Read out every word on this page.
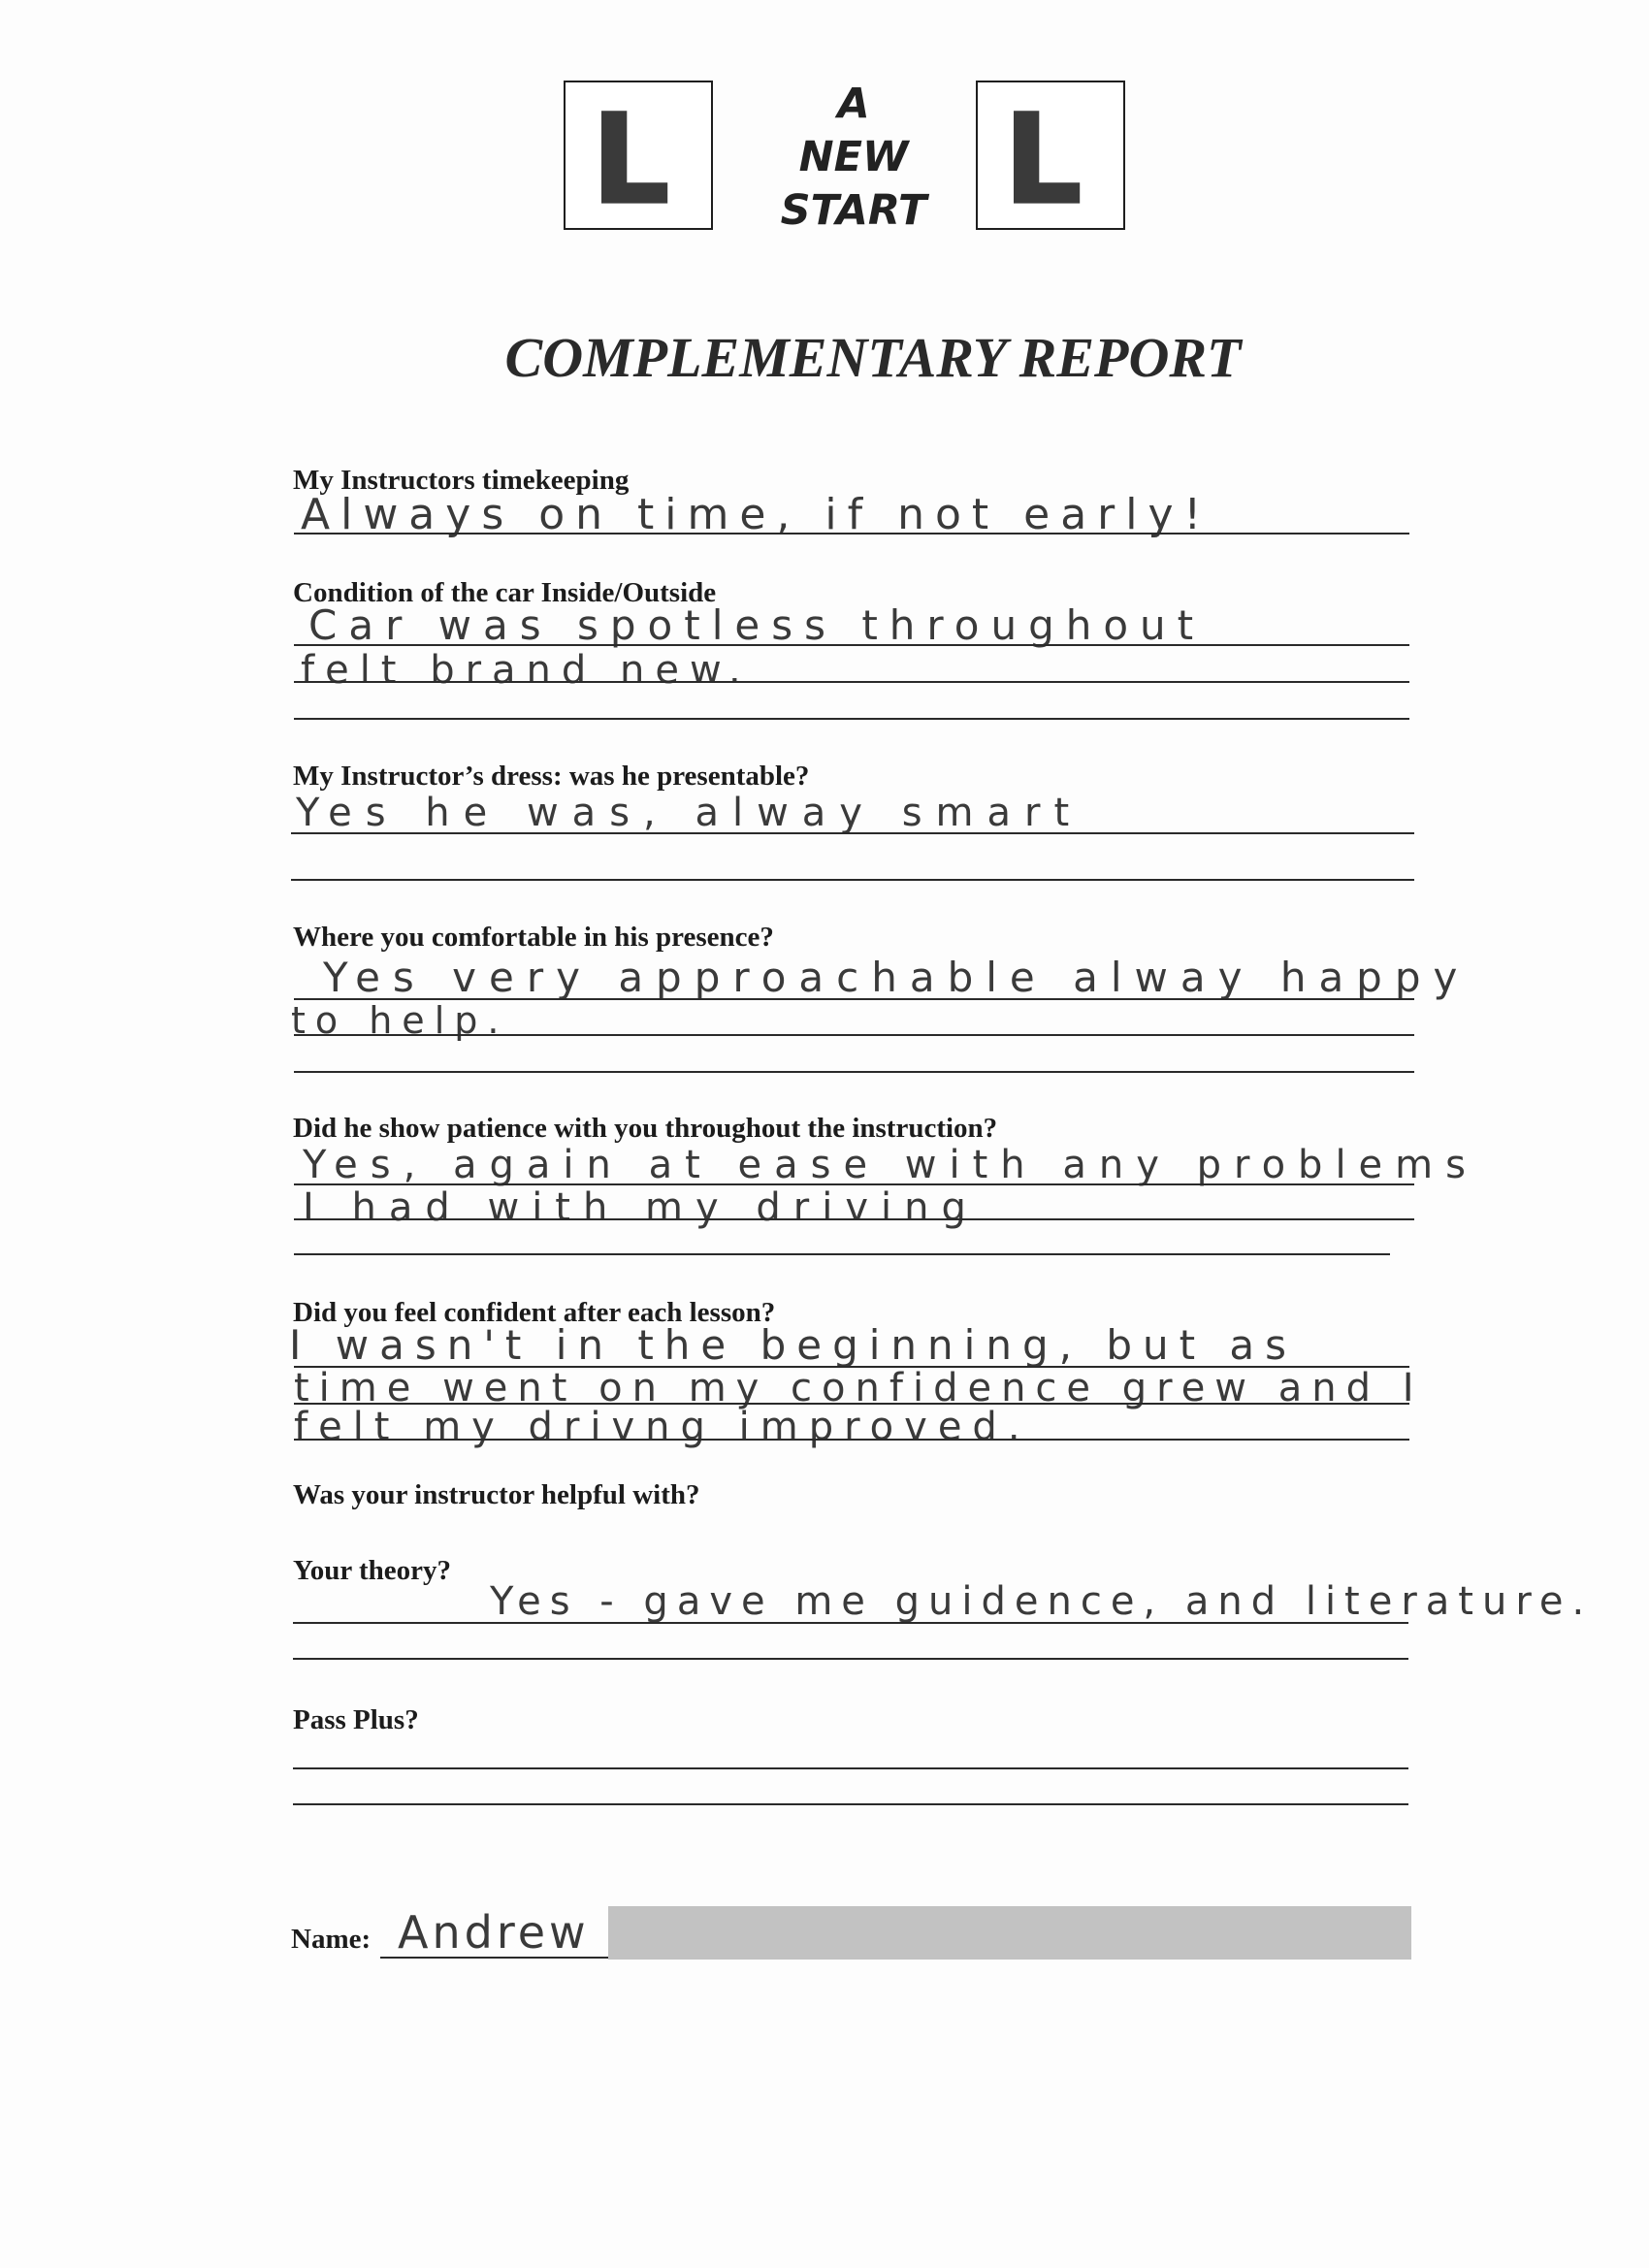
A
NEW
START
COMPLEMENTARY REPORT
My Instructors timekeeping
Always on time, if not early!
Condition of the car Inside/Outside
Car was spotless throughout
felt brand new.
My Instructor’s dress: was he presentable?
Yes he was, alway smart
Where you comfortable in his presence?
Yes very approachable alway happy
to help.
Did he show patience with you throughout the instruction?
Yes, again at ease with any problems
I had with my driving
Did you feel confident after each lesson?
I wasn't in the beginning, but as
time went on my confidence grew and I
felt my drivng improved.
Was your instructor helpful with?
Your theory?
Yes - gave me guidence, and literature.
Pass Plus?
Name: Andrew
